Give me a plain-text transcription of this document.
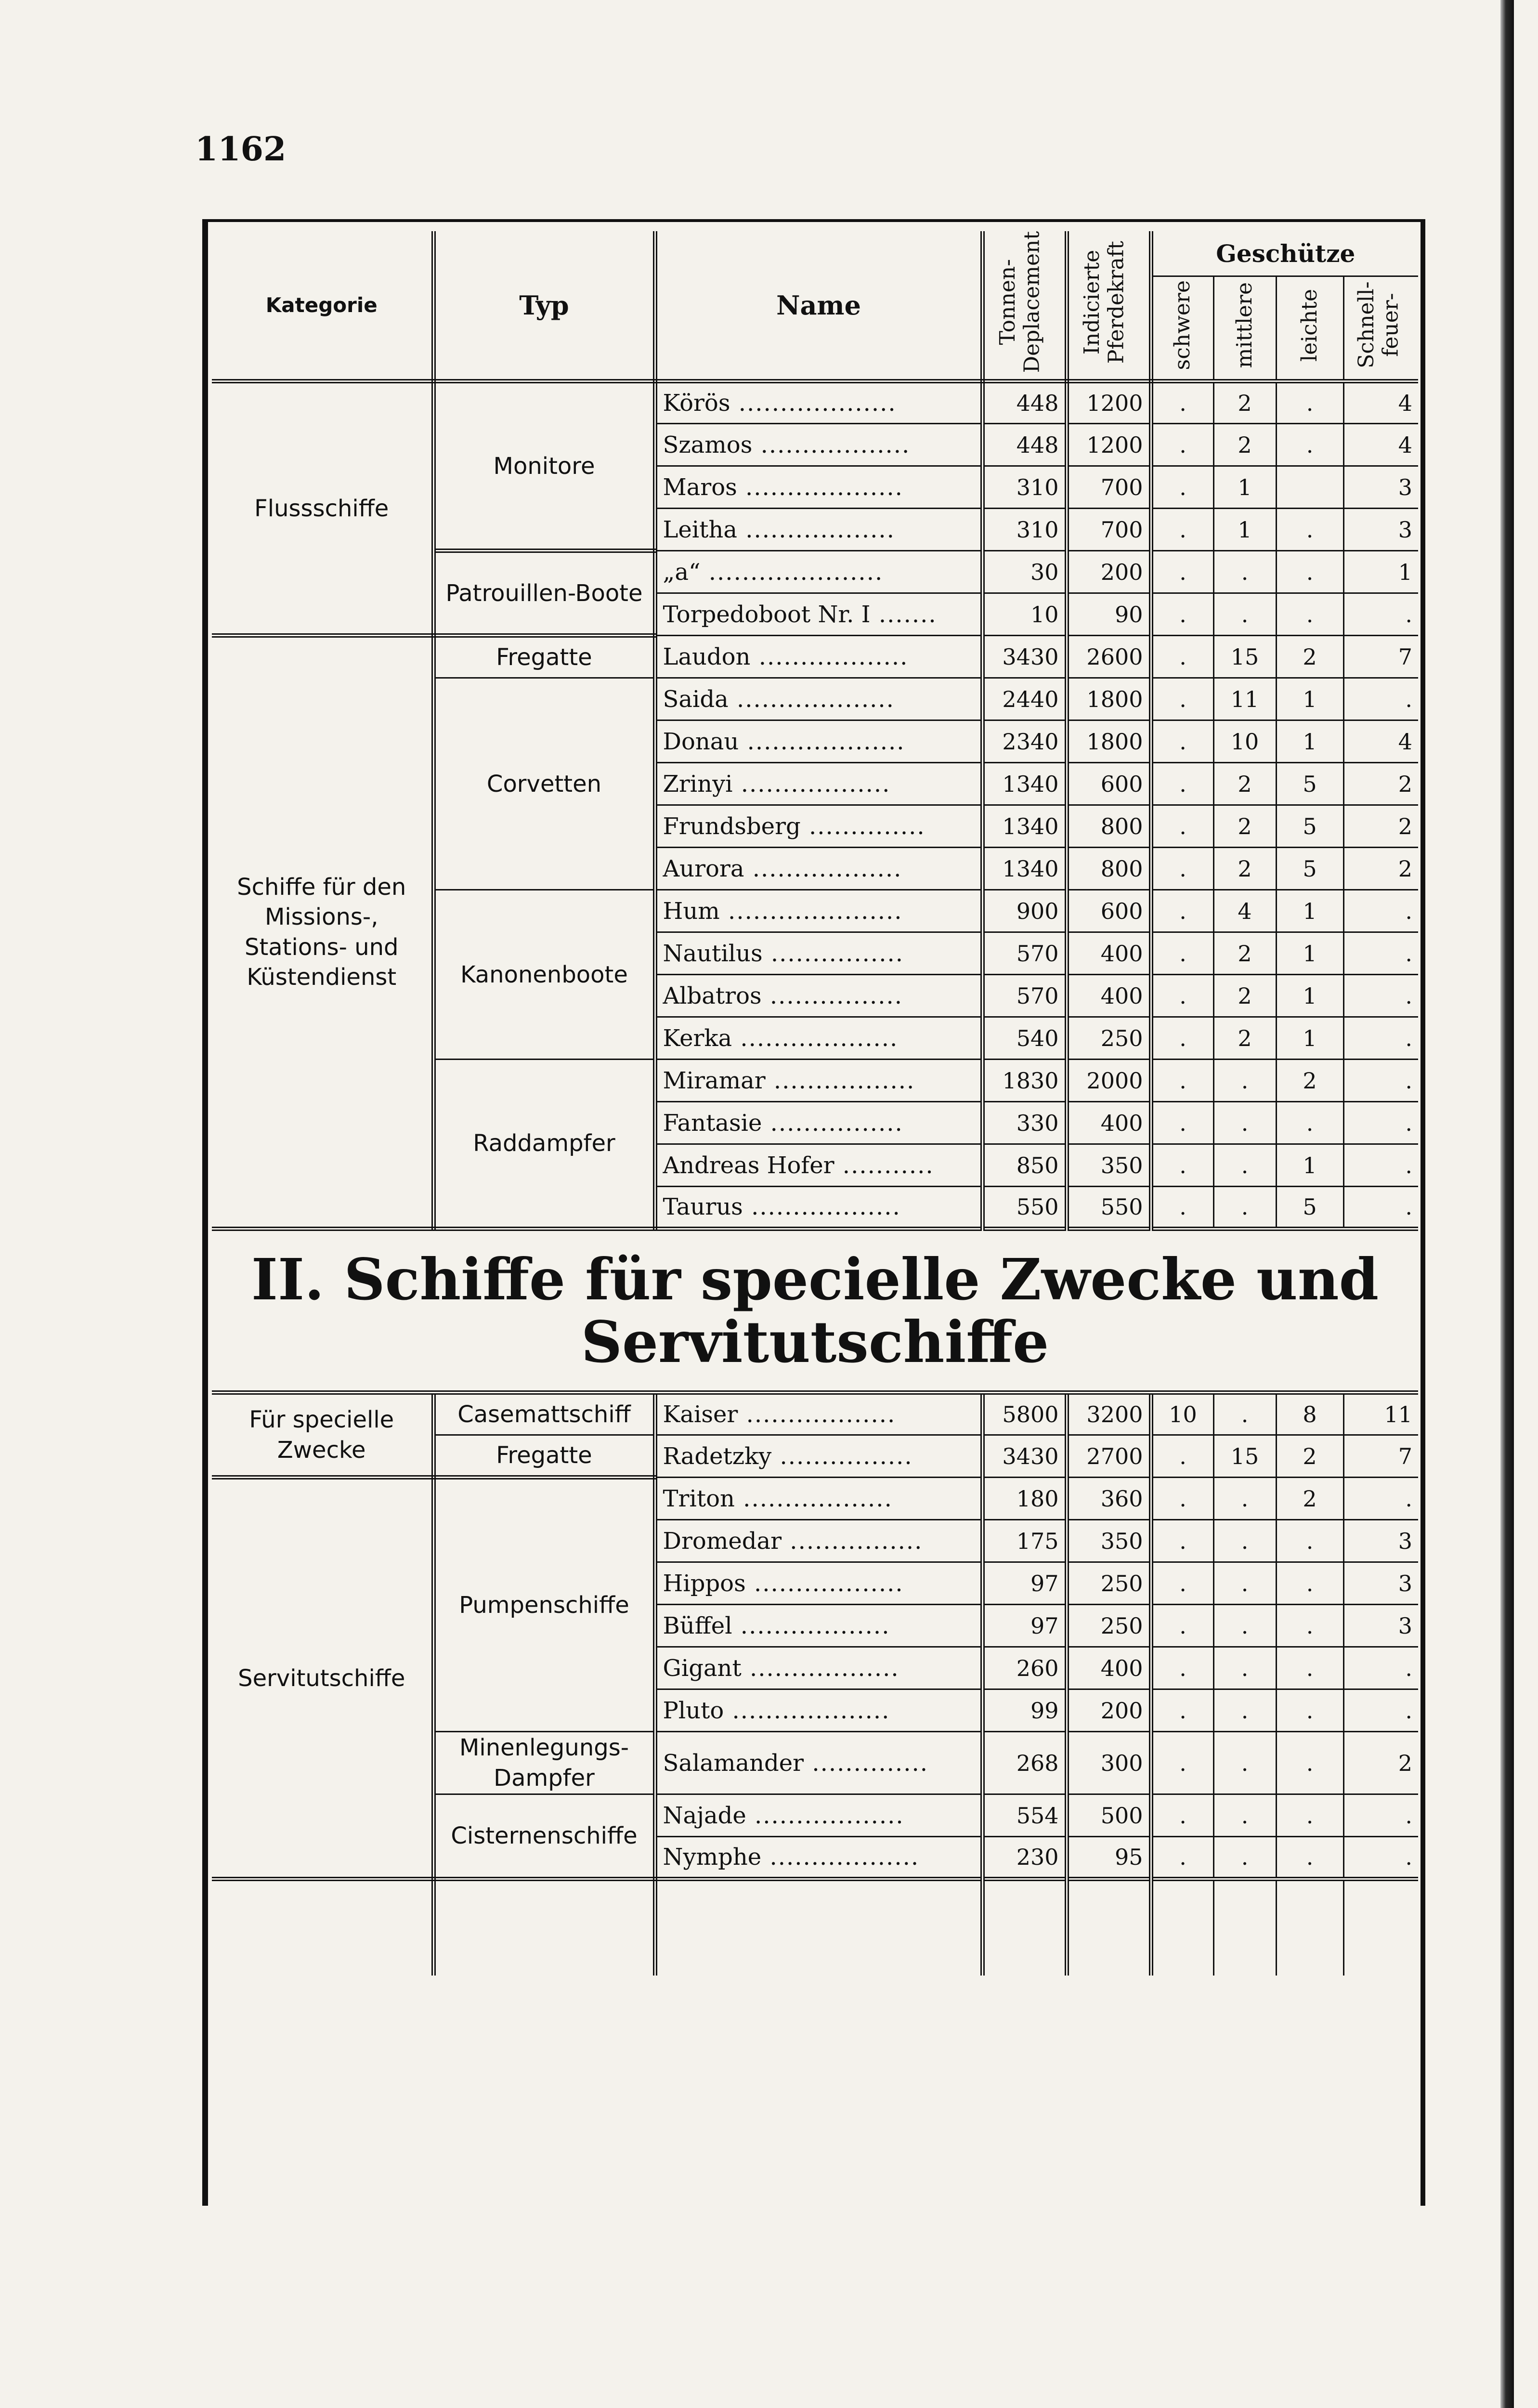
1162
Kategorie	Typ	Name	Tonnen-Deplacement	Indicierte Pferdekraft	Geschütze			
					schwere	mittlere	leichte	Schnell-feuer-
Flussschiffe	Monitore	Körös ...................	448	1200	.	2	.	4
		Szamos ..................	448	1200	.	2	.	4
		Maros ...................	310	700	.	1		3
		Leitha ..................	310	700	.	1	.	3
	Patrouillen-Boote	„a“ .....................	30	200	.	.	.	1
		Torpedoboot Nr. I .......	10	90	.	.	.	.
Schiffe für den Missions-, Stations- und Küstendienst	Fregatte	Laudon ..................	3430	2600	.	15	2	7
	Corvetten	Saida ...................	2440	1800	.	11	1	.
		Donau ...................	2340	1800	.	10	1	4
		Zrinyi ..................	1340	600	.	2	5	2
		Frundsberg ..............	1340	800	.	2	5	2
		Aurora ..................	1340	800	.	2	5	2
	Kanonenboote	Hum .....................	900	600	.	4	1	.
		Nautilus ................	570	400	.	2	1	.
		Albatros ................	570	400	.	2	1	.
		Kerka ...................	540	250	.	2	1	.
	Raddampfer	Miramar .................	1830	2000	.	.	2	.
		Fantasie ................	330	400	.	.	.	.
		Andreas Hofer ...........	850	350	.	.	1	.
		Taurus ..................	550	550	.	.	5	.
II. Schiffe für specielle Zwecke und Servitutschiffe								
Für specielle Zwecke	Casemattschiff	Kaiser ..................	5800	3200	10	.	8	11
	Fregatte	Radetzky ................	3430	2700	.	15	2	7
Servitutschiffe	Pumpenschiffe	Triton ..................	180	360	.	.	2	.
		Dromedar ................	175	350	.	.	.	3
		Hippos ..................	97	250	.	.	.	3
		Büffel ..................	97	250	.	.	.	3
		Gigant ..................	260	400	.	.	.	.
		Pluto ...................	99	200	.	.	.	.
	Minenlegungs-Dampfer	Salamander ..............	268	300	.	.	.	2
	Cisternenschiffe	Najade ..................	554	500	.	.	.	.
		Nymphe ..................	230	95	.	.	.	.
